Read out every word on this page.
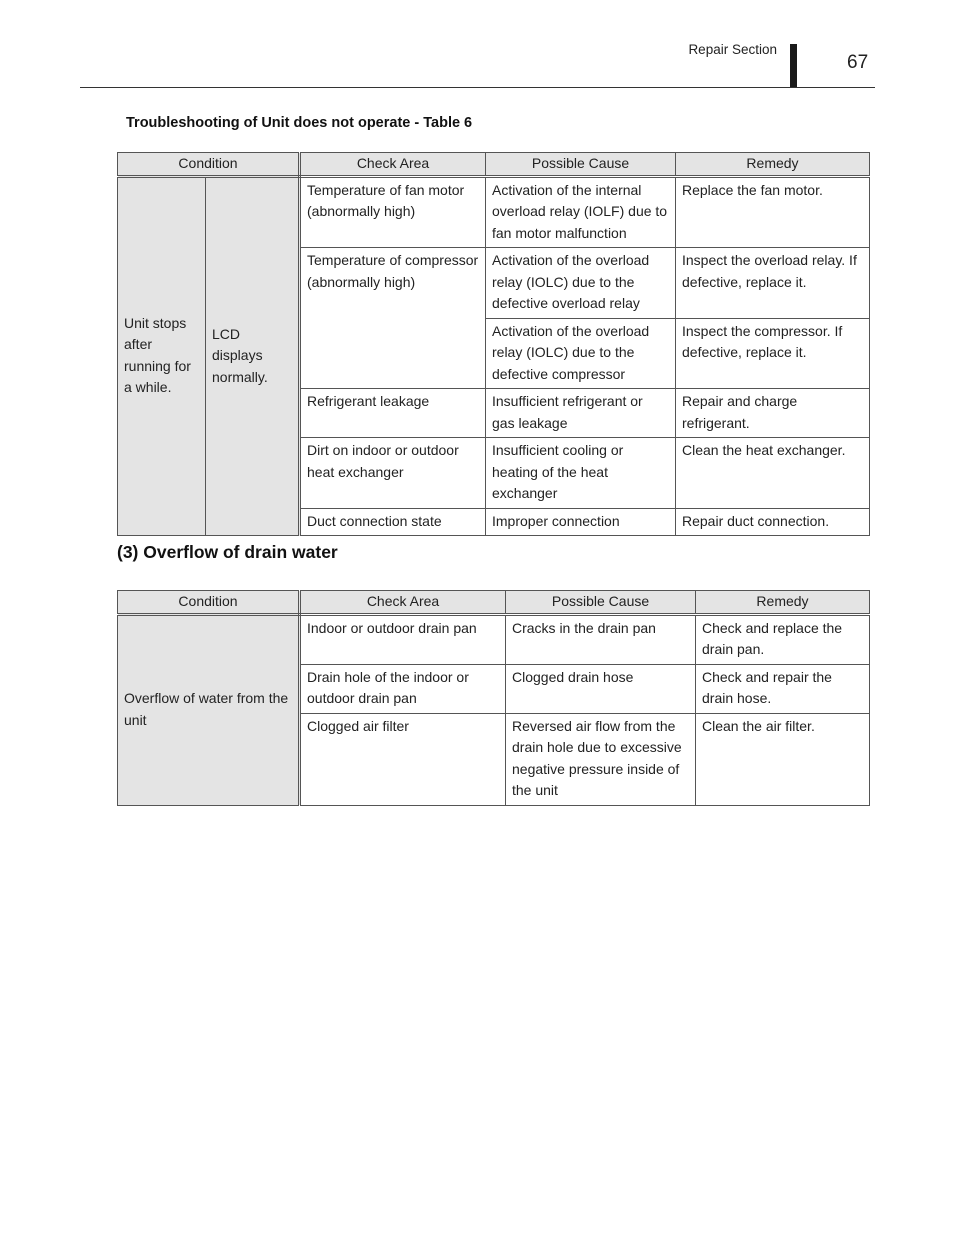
Repair Section
67
Troubleshooting of Unit does not operate - Table 6
Condition		Check Area	Possible Cause	Remedy
Unit stops after running for a while.	LCD displays normally.	Temperature of fan motor (abnormally high)	Activation of the internal overload relay (IOLF) due to fan motor malfunction	Replace the fan motor.
		Temperature of compressor (abnormally high)	Activation of the overload relay (IOLC) due to the defective overload relay	Inspect the overload relay. If defective, replace it.
			Activation of the overload relay (IOLC) due to the defective compressor	Inspect the compressor. If defective, replace it.
		Refrigerant leakage	Insufficient refrigerant or gas leakage	Repair and charge refrigerant.
		Dirt on indoor or outdoor heat exchanger	Insufficient cooling or heating of the heat exchanger	Clean the heat exchanger.
		Duct connection state	Improper connection	Repair duct connection.
(3) Overflow of drain water
Condition	Check Area	Possible Cause	Remedy
Overflow of water from the unit	Indoor or outdoor drain pan	Cracks in the drain pan	Check and replace the drain pan.
	Drain hole of the indoor or outdoor drain pan	Clogged drain hose	Check and repair the drain hose.
	Clogged air filter	Reversed air flow from the drain hole due to excessive negative pressure inside of the unit	Clean the air filter.
